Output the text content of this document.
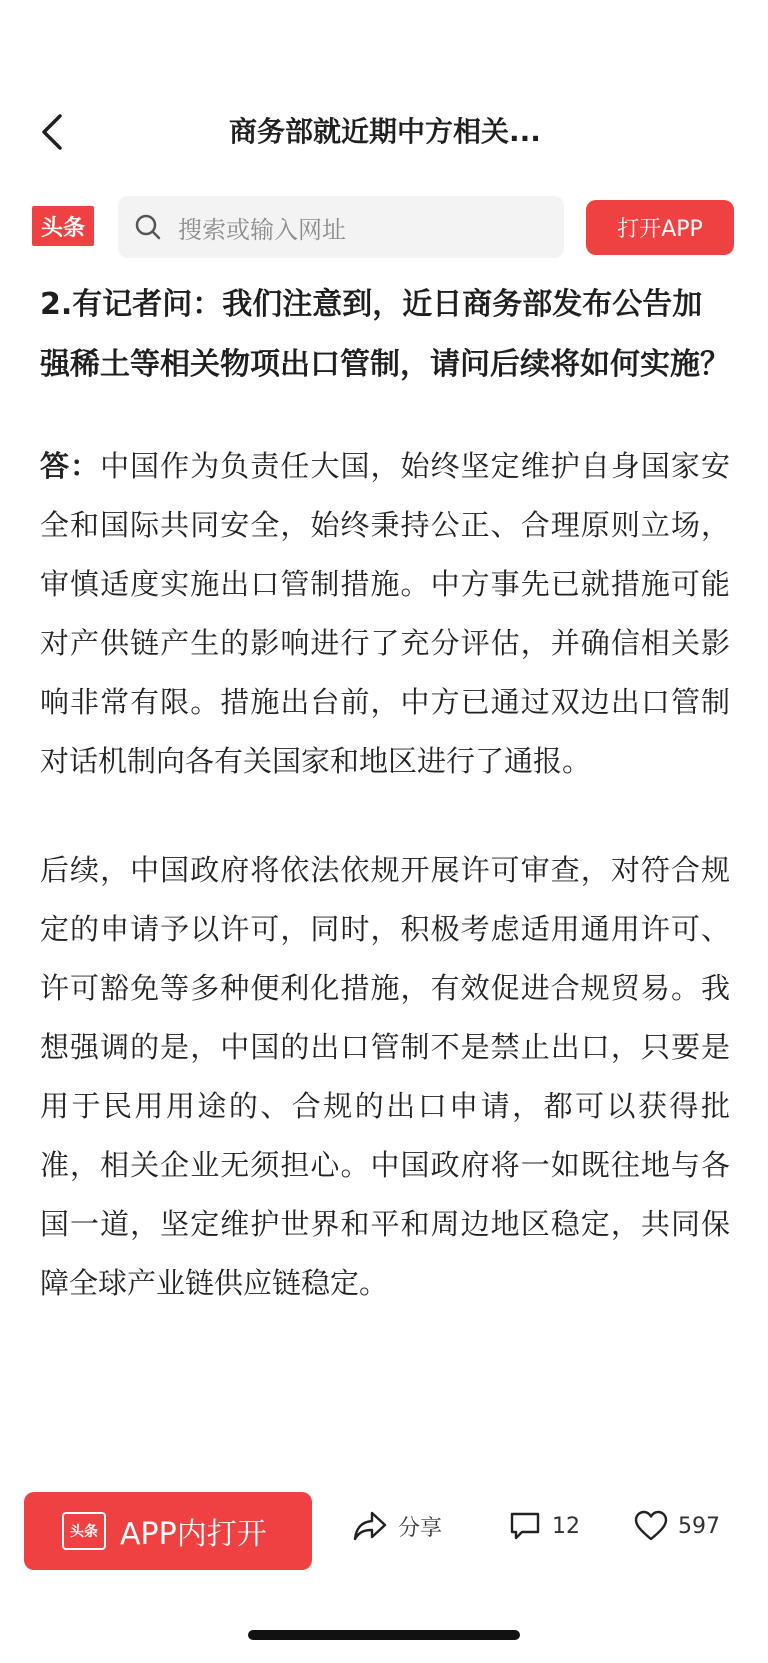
商务部就近期中方相关...
头条	搜索或输入网址	打开APP

2.有记者问：我们注意到，近日商务部发布公告加强稀土等相关物项出口管制，请问后续将如何实施？

答：中国作为负责任大国，始终坚定维护自身国家安全和国际共同安全，始终秉持公正、合理原则立场，审慎适度实施出口管制措施。中方事先已就措施可能对产供链产生的影响进行了充分评估，并确信相关影响非常有限。措施出台前，中方已通过双边出口管制对话机制向各有关国家和地区进行了通报。

后续，中国政府将依法依规开展许可审查，对符合规定的申请予以许可，同时，积极考虑适用通用许可、许可豁免等多种便利化措施，有效促进合规贸易。我想强调的是，中国的出口管制不是禁止出口，只要是用于民用用途的、合规的出口申请，都可以获得批准，相关企业无须担心。中国政府将一如既往地与各国一道，坚定维护世界和平和周边地区稳定，共同保障全球产业链供应链稳定。

头条 APP内打开	分享	12	597
